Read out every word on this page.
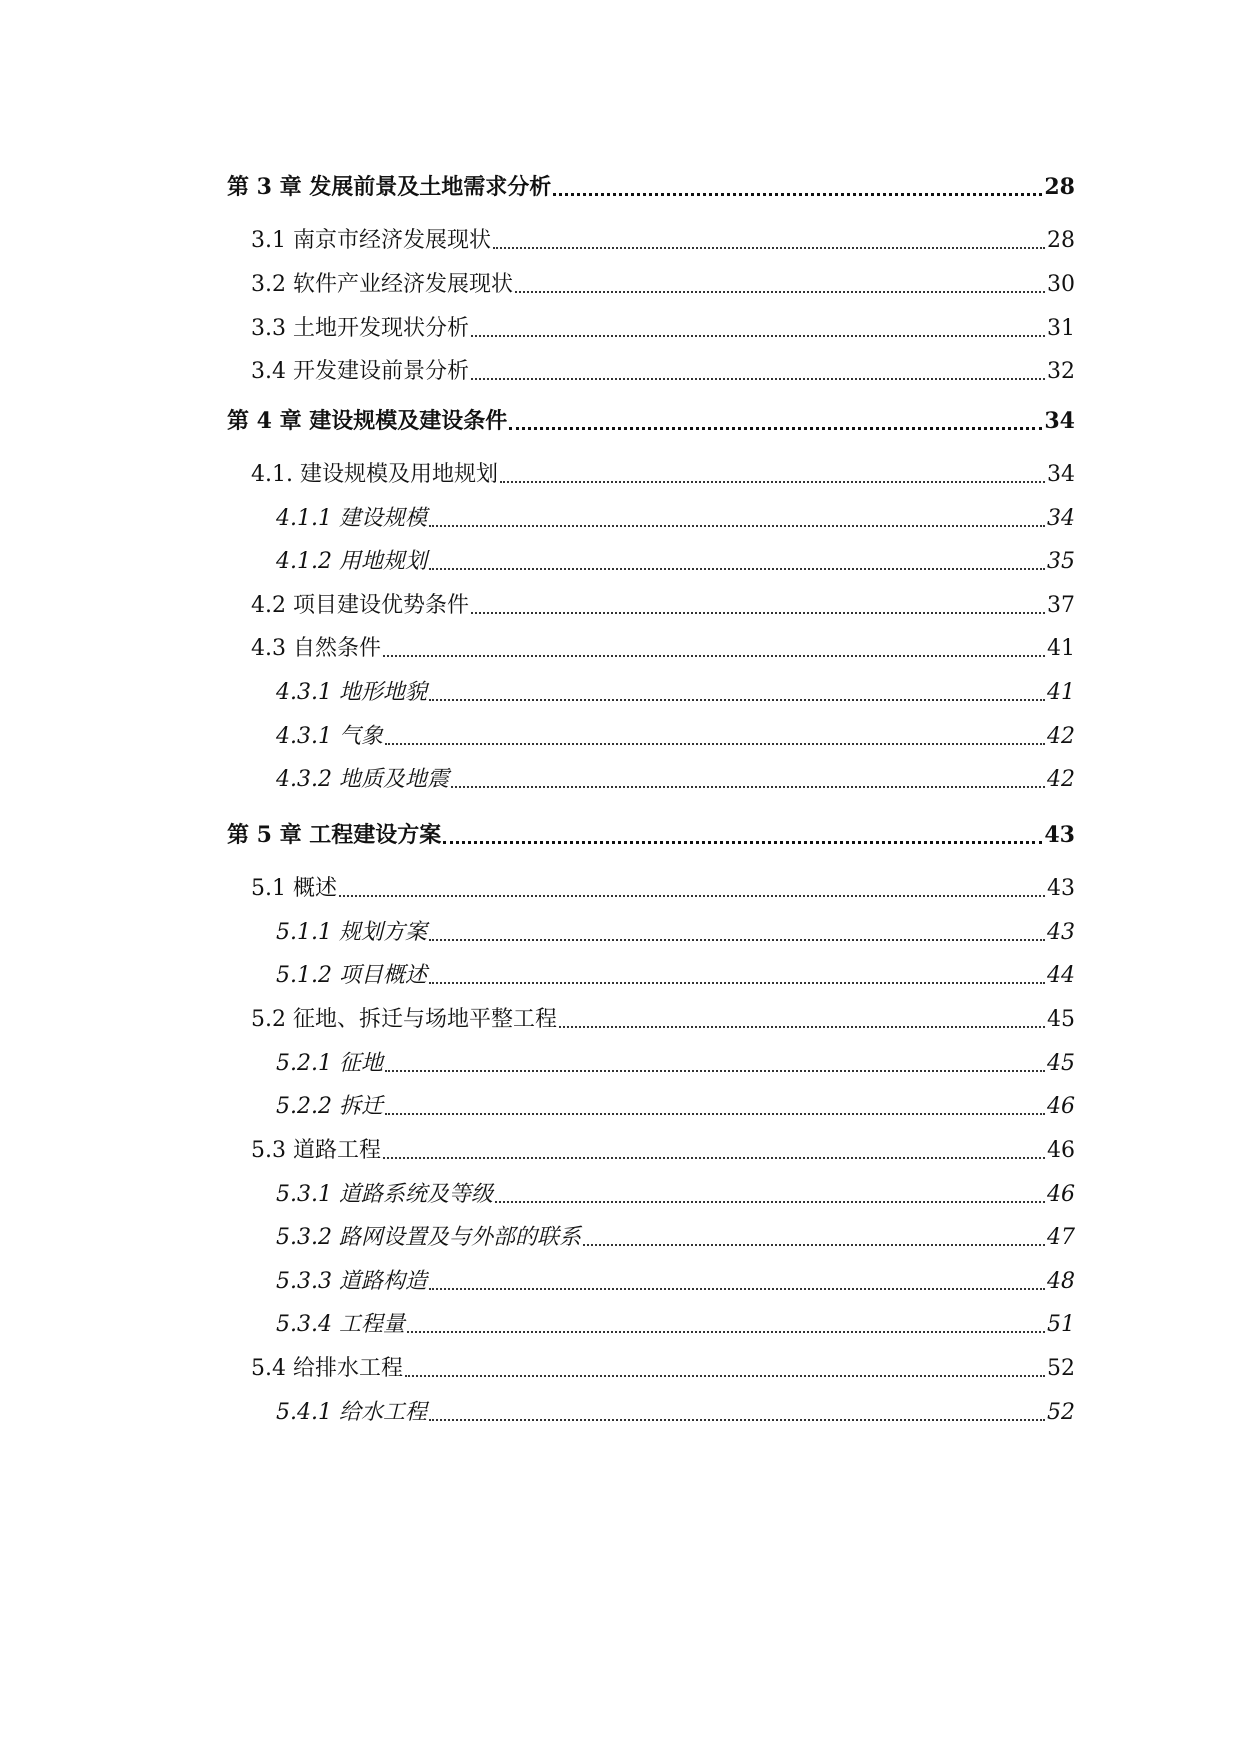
第 3 章 发展前景及土地需求分析	28
3.1 南京市经济发展现状	28
3.2 软件产业经济发展现状	30
3.3 土地开发现状分析	31
3.4 开发建设前景分析	32
第 4 章 建设规模及建设条件	34
4.1. 建设规模及用地规划	34
4.1.1 建设规模	34
4.1.2 用地规划	35
4.2 项目建设优势条件	37
4.3 自然条件	41
4.3.1 地形地貌	41
4.3.1 气象	42
4.3.2 地质及地震	42
第 5 章 工程建设方案	43
5.1 概述	43
5.1.1 规划方案	43
5.1.2 项目概述	44
5.2 征地、拆迁与场地平整工程	45
5.2.1 征地	45
5.2.2 拆迁	46
5.3 道路工程	46
5.3.1 道路系统及等级	46
5.3.2 路网设置及与外部的联系	47
5.3.3 道路构造	48
5.3.4 工程量	51
5.4 给排水工程	52
5.4.1 给水工程	52
